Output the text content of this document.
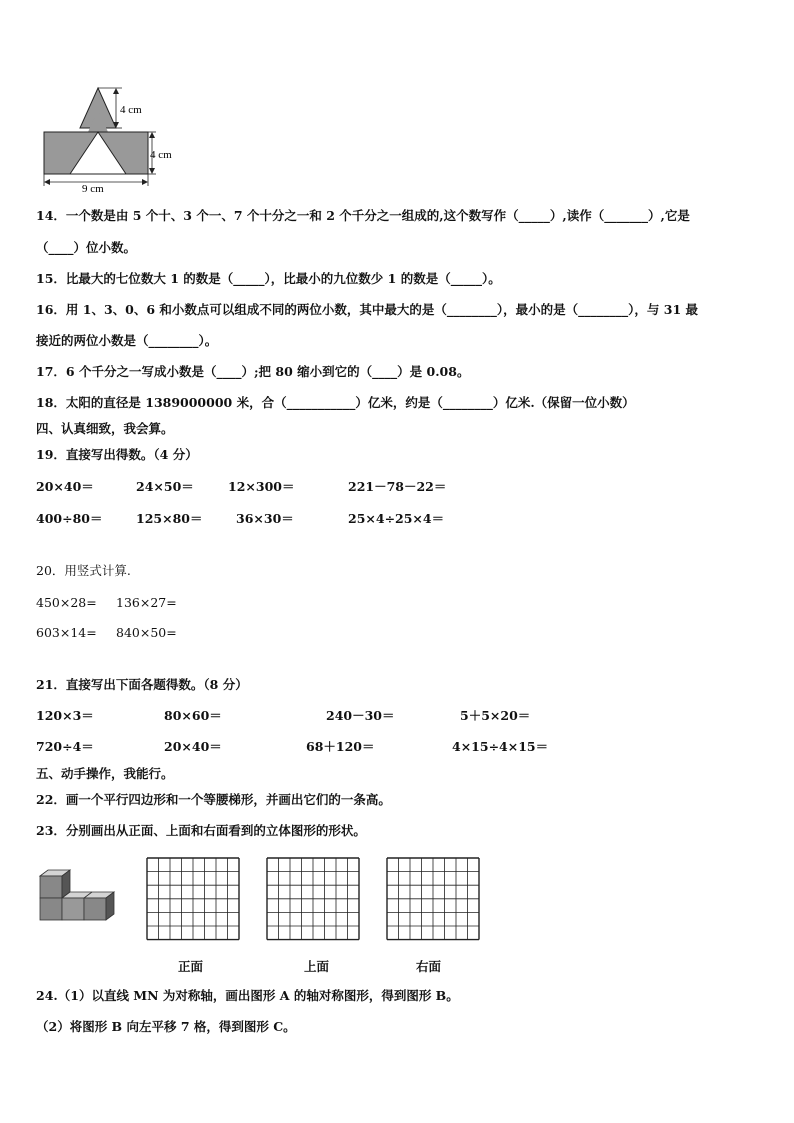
4 cm
4 cm
9 cm
14．一个数是由 5 个十、3 个一、7 个十分之一和 2 个千分之一组成的,这个数写作（_____）,读作（_______）,它是
（____）位小数。
15．比最大的七位数大 1 的数是（_____），比最小的九位数少 1 的数是（_____）。
16．用 1、3、0、6 和小数点可以组成不同的两位小数，其中最大的是（________），最小的是（________），与 31 最
接近的两位小数是（________）。
17．6 个千分之一写成小数是（____）;把 80 缩小到它的（____）是 0.08。
18．太阳的直径是 1389000000 米，合（___________）亿米，约是（________）亿米.（保留一位小数）
四、认真细致，我会算。
19．直接写出得数。（4 分）
20×40＝	24×50＝	12×300＝	221－78－22＝
400÷80＝	125×80＝	36×30＝	25×4÷25×4＝
20．用竖式计算.
450×28= 136×27=
603×14= 840×50=
21．直接写出下面各题得数。（8 分）
120×3＝	80×60＝	240－30＝	5＋5×20＝
720÷4＝	20×40＝	68＋120＝	4×15÷4×15＝
五、动手操作，我能行。
22．画一个平行四边形和一个等腰梯形，并画出它们的一条高。
23．分别画出从正面、上面和右面看到的立体图形的形状。
正面	上面	右面
24.（1）以直线 MN 为对称轴，画出图形 A 的轴对称图形，得到图形 B。
（2）将图形 B 向左平移 7 格，得到图形 C。
